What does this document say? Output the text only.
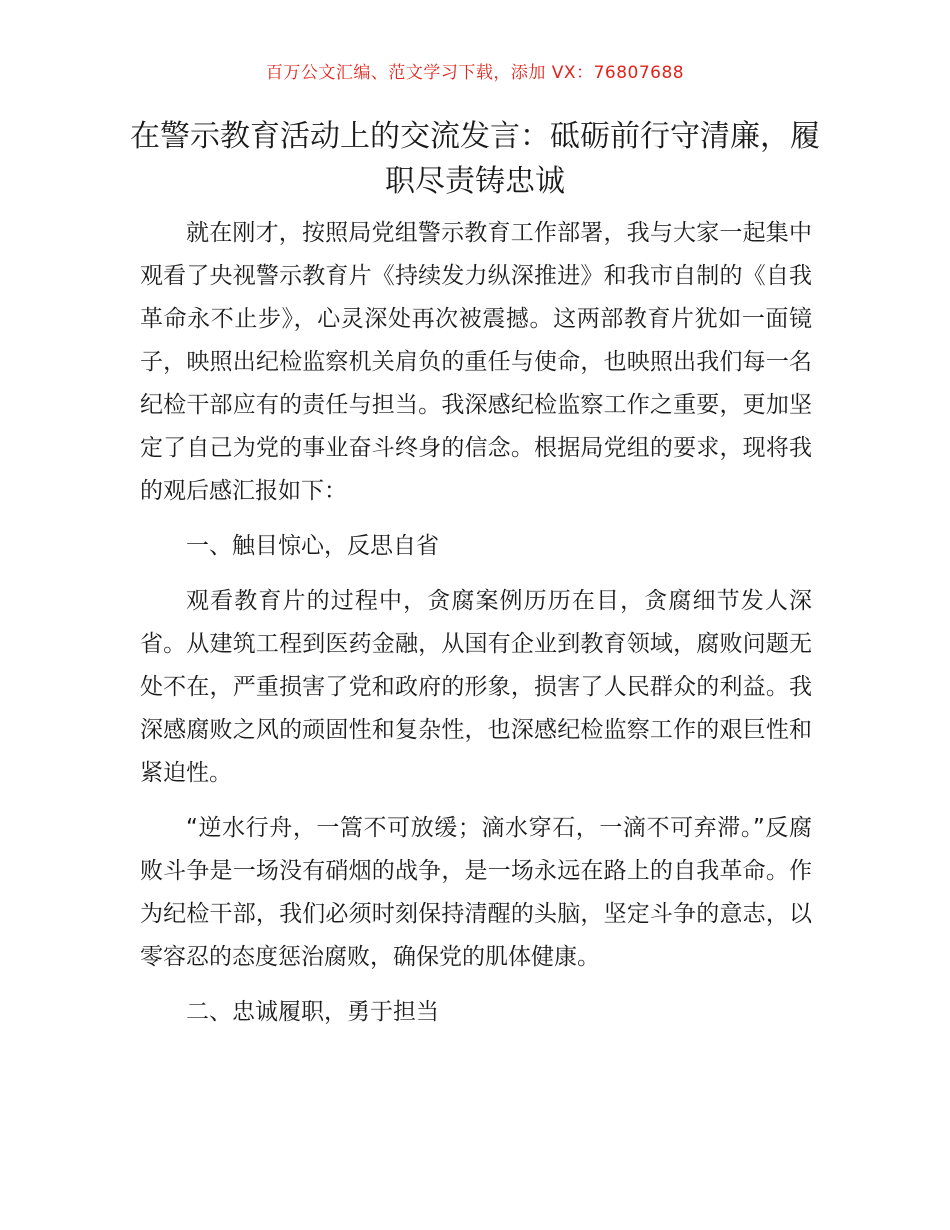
百万公文汇编、范文学习下载，添加 VX：76807688
在警示教育活动上的交流发言：砥砺前行守清廉，履职尽责铸忠诚

就在刚才，按照局党组警示教育工作部署，我与大家一起集中观看了央视警示教育片《持续发力纵深推进》和我市自制的《自我革命永不止步》，心灵深处再次被震撼。这两部教育片犹如一面镜子，映照出纪检监察机关肩负的重任与使命，也映照出我们每一名纪检干部应有的责任与担当。我深感纪检监察工作之重要，更加坚定了自己为党的事业奋斗终身的信念。根据局党组的要求，现将我的观后感汇报如下：

一、触目惊心，反思自省

观看教育片的过程中，贪腐案例历历在目，贪腐细节发人深省。从建筑工程到医药金融，从国有企业到教育领域，腐败问题无处不在，严重损害了党和政府的形象，损害了人民群众的利益。我深感腐败之风的顽固性和复杂性，也深感纪检监察工作的艰巨性和紧迫性。

“逆水行舟，一篙不可放缓；滴水穿石，一滴不可弃滞。”反腐败斗争是一场没有硝烟的战争，是一场永远在路上的自我革命。作为纪检干部，我们必须时刻保持清醒的头脑，坚定斗争的意志，以零容忍的态度惩治腐败，确保党的肌体健康。

二、忠诚履职，勇于担当
